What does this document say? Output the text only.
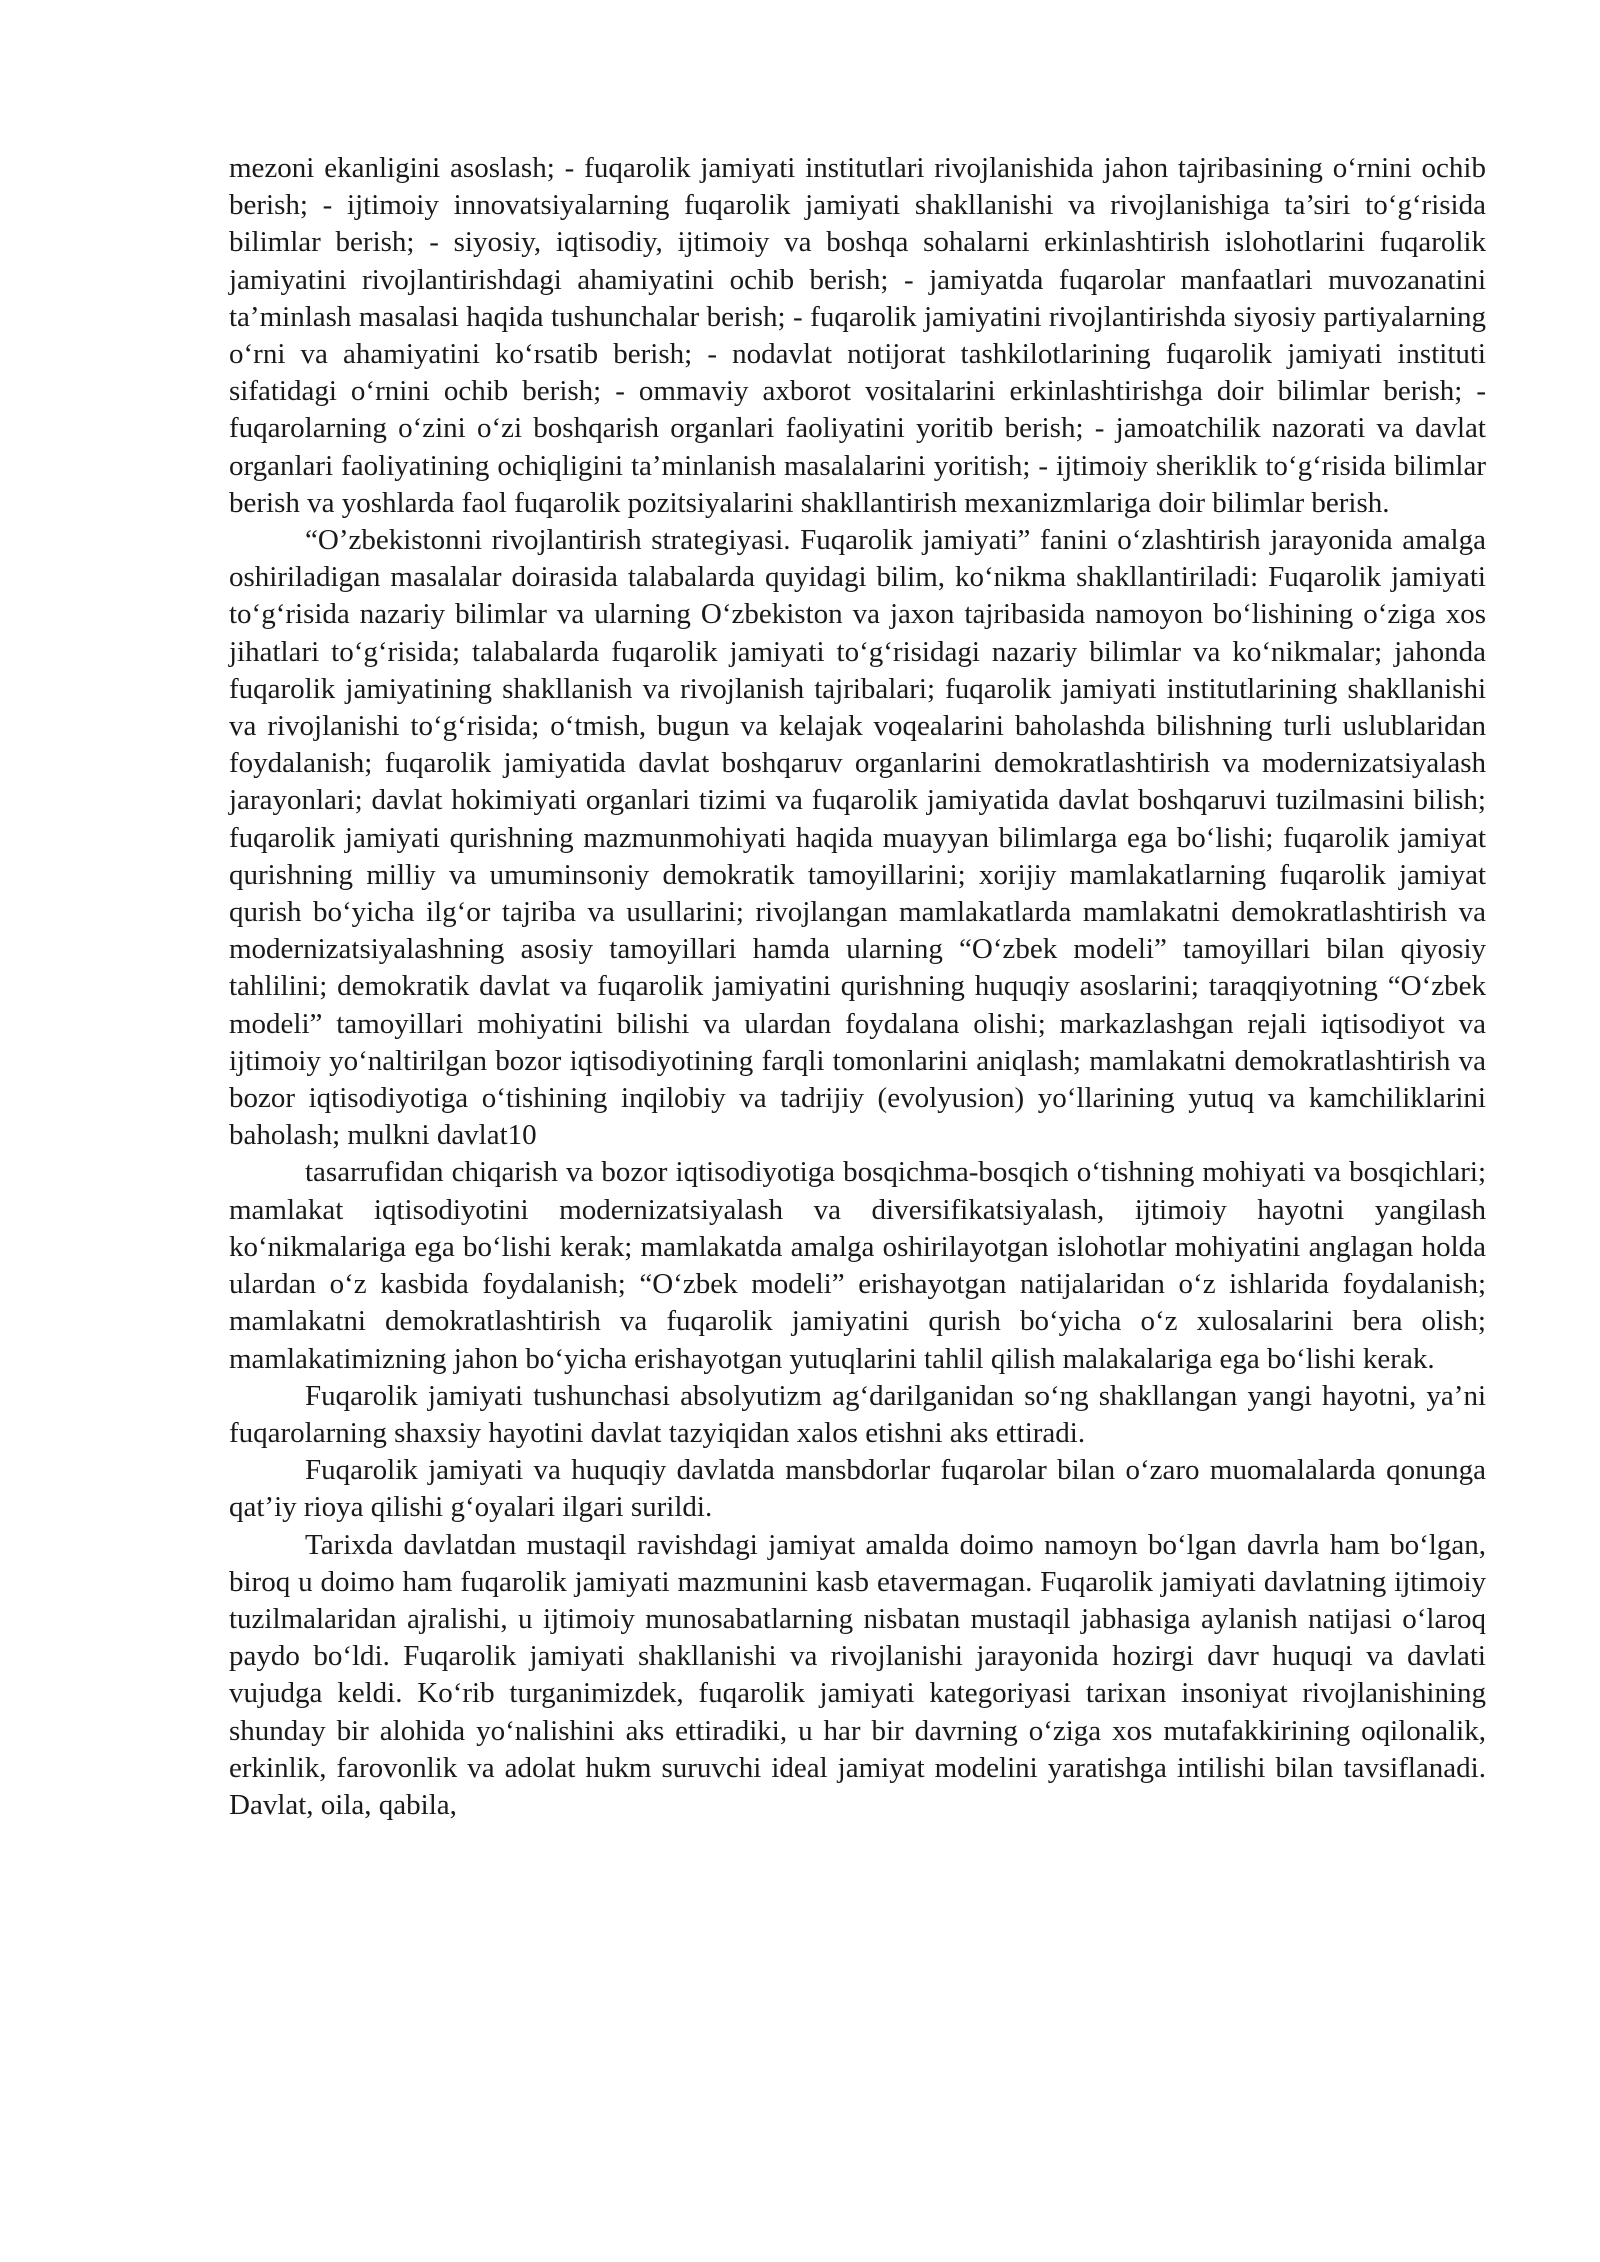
mezoni ekanligini asoslash; - fuqarolik jamiyati institutlari rivojlanishida jahon tajribasining o‘rnini ochib berish; - ijtimoiy innovatsiyalarning fuqarolik jamiyati shakllanishi va rivojlanishiga ta’siri to‘g‘risida bilimlar berish; - siyosiy, iqtisodiy, ijtimoiy va boshqa sohalarni erkinlashtirish islohotlarini fuqarolik jamiyatini rivojlantirishdagi ahamiyatini ochib berish; - jamiyatda fuqarolar manfaatlari muvozanatini ta’minlash masalasi haqida tushunchalar berish; - fuqarolik jamiyatini rivojlantirishda siyosiy partiyalarning o‘rni va ahamiyatini ko‘rsatib berish; - nodavlat notijorat tashkilotlarining fuqarolik jamiyati instituti sifatidagi o‘rnini ochib berish; - ommaviy axborot vositalarini erkinlashtirishga doir bilimlar berish; - fuqarolarning o‘zini o‘zi boshqarish organlari faoliyatini yoritib berish; - jamoatchilik nazorati va davlat organlari faoliyatining ochiqligini ta’minlanish masalalarini yoritish; - ijtimoiy sheriklik to‘g‘risida bilimlar berish va yoshlarda faol fuqarolik pozitsiyalarini shakllantirish mexanizmlariga doir bilimlar berish.

“O’zbekistonni rivojlantirish strategiyasi. Fuqarolik jamiyati” fanini o‘zlashtirish jarayonida amalga oshiriladigan masalalar doirasida talabalarda quyidagi bilim, ko‘nikma shakllantiriladi: Fuqarolik jamiyati to‘g‘risida nazariy bilimlar va ularning O‘zbekiston va jaxon tajribasida namoyon bo‘lishining o‘ziga xos jihatlari to‘g‘risida; talabalarda fuqarolik jamiyati to‘g‘risidagi nazariy bilimlar va ko‘nikmalar; jahonda fuqarolik jamiyatining shakllanish va rivojlanish tajribalari; fuqarolik jamiyati institutlarining shakllanishi va rivojlanishi to‘g‘risida; o‘tmish, bugun va kelajak voqealarini baholashda bilishning turli uslublaridan foydalanish; fuqarolik jamiyatida davlat boshqaruv organlarini demokratlashtirish va modernizatsiyalash jarayonlari; davlat hokimiyati organlari tizimi va fuqarolik jamiyatida davlat boshqaruvi tuzilmasini bilish; fuqarolik jamiyati qurishning mazmunmohiyati haqida muayyan bilimlarga ega bo‘lishi; fuqarolik jamiyat qurishning milliy va umuminsoniy demokratik tamoyillarini; xorijiy mamlakatlarning fuqarolik jamiyat qurish bo‘yicha ilg‘or tajriba va usullarini; rivojlangan mamlakatlarda mamlakatni demokratlashtirish va modernizatsiyalashning asosiy tamoyillari hamda ularning “O‘zbek modeli” tamoyillari bilan qiyosiy tahlilini; demokratik davlat va fuqarolik jamiyatini qurishning huquqiy asoslarini; taraqqiyotning “O‘zbek modeli” tamoyillari mohiyatini bilishi va ulardan foydalana olishi; markazlashgan rejali iqtisodiyot va ijtimoiy yo‘naltirilgan bozor iqtisodiyotining farqli tomonlarini aniqlash; mamlakatni demokratlashtirish va bozor iqtisodiyotiga o‘tishining inqilobiy va tadrijiy (evolyusion) yo‘llarining yutuq va kamchiliklarini baholash; mulkni davlat10

tasarrufidan chiqarish va bozor iqtisodiyotiga bosqichma-bosqich o‘tishning mohiyati va bosqichlari; mamlakat iqtisodiyotini modernizatsiyalash va diversifikatsiyalash, ijtimoiy hayotni yangilash ko‘nikmalariga ega bo‘lishi kerak; mamlakatda amalga oshirilayotgan islohotlar mohiyatini anglagan holda ulardan o‘z kasbida foydalanish; “O‘zbek modeli” erishayotgan natijalaridan o‘z ishlarida foydalanish; mamlakatni demokratlashtirish va fuqarolik jamiyatini qurish bo‘yicha o‘z xulosalarini bera olish; mamlakatimizning jahon bo‘yicha erishayotgan yutuqlarini tahlil qilish malakalariga ega bo‘lishi kerak.

Fuqarolik jamiyati tushunchasi absolyutizm ag‘darilganidan so‘ng shakllangan yangi hayotni, ya’ni fuqarolarning shaxsiy hayotini davlat tazyiqidan xalos etishni aks ettiradi.

Fuqarolik jamiyati va huquqiy davlatda mansbdorlar fuqarolar bilan o‘zaro muomalalarda qonunga qat’iy rioya qilishi g‘oyalari ilgari surildi.

Tarixda davlatdan mustaqil ravishdagi jamiyat amalda doimo namoyn bo‘lgan davrla ham bo‘lgan, biroq u doimo ham fuqarolik jamiyati mazmunini kasb etavermagan. Fuqarolik jamiyati davlatning ijtimoiy tuzilmalaridan ajralishi, u ijtimoiy munosabatlarning nisbatan mustaqil jabhasiga aylanish natijasi o‘laroq paydo bo‘ldi. Fuqarolik jamiyati shakllanishi va rivojlanishi jarayonida hozirgi davr huquqi va davlati vujudga keldi. Ko‘rib turganimizdek, fuqarolik jamiyati kategoriyasi tarixan insoniyat rivojlanishining shunday bir alohida yo‘nalishini aks ettiradiki, u har bir davrning o‘ziga xos mutafakkirining oqilonalik, erkinlik, farovonlik va adolat hukm suruvchi ideal jamiyat modelini yaratishga intilishi bilan tavsiflanadi. Davlat, oila, qabila,
